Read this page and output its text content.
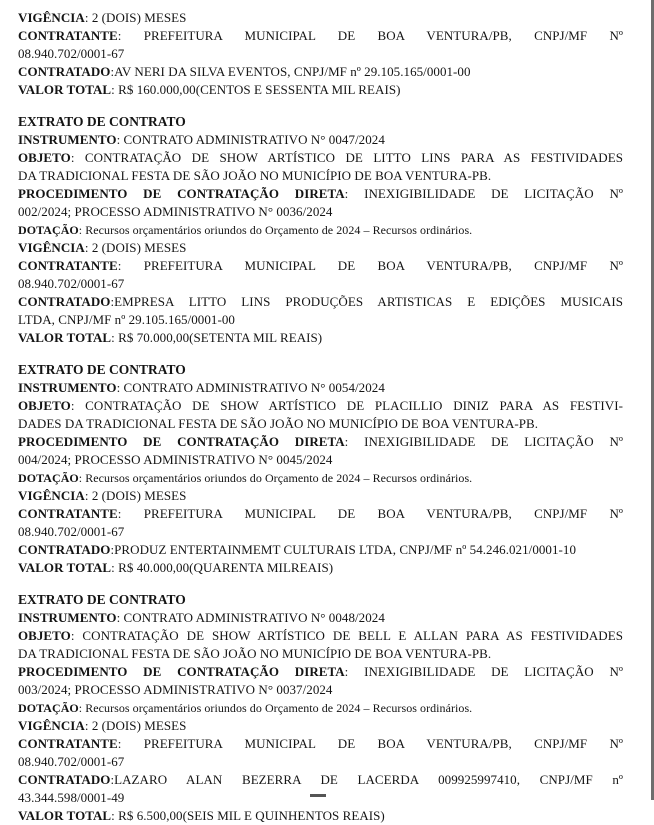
VIGÊNCIA: 2 (DOIS) MESES
CONTRATANTE: PREFEITURA MUNICIPAL DE BOA VENTURA/PB, CNPJ/MF Nº
08.940.702/0001-67
CONTRATADO:AV NERI DA SILVA EVENTOS, CNPJ/MF nº 29.105.165/0001-00
VALOR TOTAL: R$ 160.000,00(CENTOS E SESSENTA MIL REAIS)
EXTRATO DE CONTRATO
INSTRUMENTO: CONTRATO ADMINISTRATIVO N° 0047/2024
OBJETO: CONTRATAÇÃO DE SHOW ARTÍSTICO DE LITTO LINS PARA AS FESTIVIDADES
DA TRADICIONAL FESTA DE SÃO JOÃO NO MUNICÍPIO DE BOA VENTURA-PB.
PROCEDIMENTO DE CONTRATAÇÃO DIRETA: INEXIGIBILIDADE DE LICITAÇÃO Nº
002/2024; PROCESSO ADMINISTRATIVO N° 0036/2024
DOTAÇÃO: Recursos orçamentários oriundos do Orçamento de 2024 – Recursos ordinários.
VIGÊNCIA: 2 (DOIS) MESES
CONTRATANTE: PREFEITURA MUNICIPAL DE BOA VENTURA/PB, CNPJ/MF Nº
08.940.702/0001-67
CONTRATADO:EMPRESA LITTO LINS PRODUÇÕES ARTISTICAS E EDIÇÕES MUSICAIS
LTDA, CNPJ/MF nº 29.105.165/0001-00
VALOR TOTAL: R$ 70.000,00(SETENTA MIL REAIS)
EXTRATO DE CONTRATO
INSTRUMENTO: CONTRATO ADMINISTRATIVO N° 0054/2024
OBJETO: CONTRATAÇÃO DE SHOW ARTÍSTICO DE PLACILLIO DINIZ PARA AS FESTIVI-
DADES DA TRADICIONAL FESTA DE SÃO JOÃO NO MUNICÍPIO DE BOA VENTURA-PB.
PROCEDIMENTO DE CONTRATAÇÃO DIRETA: INEXIGIBILIDADE DE LICITAÇÃO Nº
004/2024; PROCESSO ADMINISTRATIVO N° 0045/2024
DOTAÇÃO: Recursos orçamentários oriundos do Orçamento de 2024 – Recursos ordinários.
VIGÊNCIA: 2 (DOIS) MESES
CONTRATANTE: PREFEITURA MUNICIPAL DE BOA VENTURA/PB, CNPJ/MF Nº
08.940.702/0001-67
CONTRATADO:PRODUZ ENTERTAINMEMT CULTURAIS LTDA, CNPJ/MF nº 54.246.021/0001-10
VALOR TOTAL: R$ 40.000,00(QUARENTA MILREAIS)
EXTRATO DE CONTRATO
INSTRUMENTO: CONTRATO ADMINISTRATIVO N° 0048/2024
OBJETO: CONTRATAÇÃO DE SHOW ARTÍSTICO DE BELL E ALLAN PARA AS FESTIVIDADES
DA TRADICIONAL FESTA DE SÃO JOÃO NO MUNICÍPIO DE BOA VENTURA-PB.
PROCEDIMENTO DE CONTRATAÇÃO DIRETA: INEXIGIBILIDADE DE LICITAÇÃO Nº
003/2024; PROCESSO ADMINISTRATIVO N° 0037/2024
DOTAÇÃO: Recursos orçamentários oriundos do Orçamento de 2024 – Recursos ordinários.
VIGÊNCIA: 2 (DOIS) MESES
CONTRATANTE: PREFEITURA MUNICIPAL DE BOA VENTURA/PB, CNPJ/MF Nº
08.940.702/0001-67
CONTRATADO:LAZARO ALAN BEZERRA DE LACERDA 009925997410, CNPJ/MF nº
43.344.598/0001-49
VALOR TOTAL: R$ 6.500,00(SEIS MIL E QUINHENTOS REAIS)
